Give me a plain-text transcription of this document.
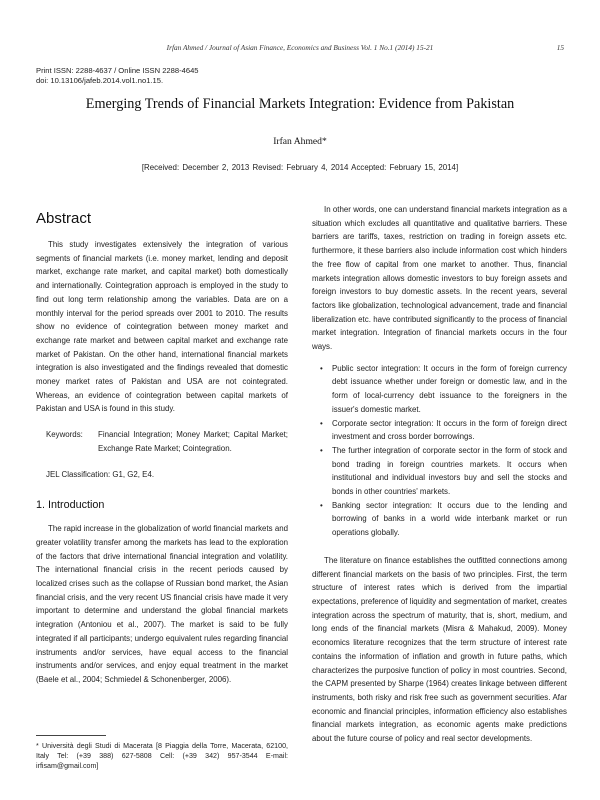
Irfan Ahmed / Journal of Asian Finance, Economics and Business Vol. 1 No.1 (2014) 15-21	15
Print ISSN: 2288-4637 / Online ISSN 2288-4645
doi: 10.13106/jafeb.2014.vol1.no1.15.
Emerging Trends of Financial Markets Integration: Evidence from Pakistan
Irfan Ahmed*
[Received: December 2, 2013 Revised: February 4, 2014 Accepted: February 15, 2014]
Abstract

This study investigates extensively the integration of various segments of financial markets (i.e. money market, lending and deposit market, exchange rate market, and capital market) both domestically and internationally. Cointegration approach is employed in the study to find out long term relationship among the variables. Data are on a monthly interval for the period spreads over 2001 to 2010. The results show no evidence of cointegration between money market and exchange rate market and between capital market and exchange rate market of Pakistan. On the other hand, international financial markets integration is also investigated and the findings revealed that domestic money market rates of Pakistan and USA are not cointegrated. Whereas, an evidence of cointegration between capital markets of Pakistan and USA is found in this study.

Keywords:	Financial Integration; Money Market; Capital Market; Exchange Rate Market; Cointegration.
JEL Classification: G1, G2, E4.
1. Introduction

The rapid increase in the globalization of world financial markets and greater volatility transfer among the markets has lead to the exploration of the factors that drive international financial integration and volatility. The international financial crisis in the recent periods caused by localized crises such as the collapse of Russian bond market, the Asian financial crisis, and the very recent US financial crisis have made it very important to determine and understand the global financial markets integration (Antoniou et al., 2007). The market is said to be fully integrated if all participants; undergo equivalent rules regarding financial instruments and/or services, have equal access to the financial instruments and/or services, and enjoy equal treatment in the market (Baele et al., 2004; Schmiedel & Schonenberger, 2006).

* Università degli Studi di Macerata [8 Piaggia della Torre, Macerata, 62100, Italy Tel: (+39 388) 627-5808 Cell: (+39 342) 957-3544 E-mail: irfisam@gmail.com]

In other words, one can understand financial markets integration as a situation which excludes all quantitative and qualitative barriers. These barriers are tariffs, taxes, restriction on trading in foreign assets etc. furthermore, it these barriers also include information cost which hinders the free flow of capital from one market to another. Thus, financial markets integration allows domestic investors to buy foreign assets and foreign investors to buy domestic assets. In the recent years, several factors like globalization, technological advancement, trade and financial liberalization etc. have contributed significantly to the process of financial market integration. Integration of financial markets occurs in the four ways.

• Public sector integration: It occurs in the form of foreign currency debt issuance whether under foreign or domestic law, and in the form of local-currency debt issuance to the foreigners in the issuer's domestic market.
• Corporate sector integration: It occurs in the form of foreign direct investment and cross border borrowings.
• The further integration of corporate sector in the form of stock and bond trading in foreign countries markets. It occurs when institutional and individual investors buy and sell the stocks and bonds in other countries' markets.
• Banking sector integration: It occurs due to the lending and borrowing of banks in a world wide interbank market or run operations globally.

The literature on finance establishes the outfitted connections among different financial markets on the basis of two principles. First, the term structure of interest rates which is derived from the impartial expectations, preference of liquidity and segmentation of market, creates integration across the spectrum of maturity, that is, short, medium, and long ends of the financial markets (Misra & Mahakud, 2009). Money economics literature recognizes that the term structure of interest rate contains the information of inflation and growth in future paths, which characterizes the purposive function of policy in most countries. Second, the CAPM presented by Sharpe (1964) creates linkage between different instruments, both risky and risk free such as government securities. Afar economic and financial principles, information efficiency also establishes financial markets integration, as economic agents make predictions about the future course of policy and real sector developments.
